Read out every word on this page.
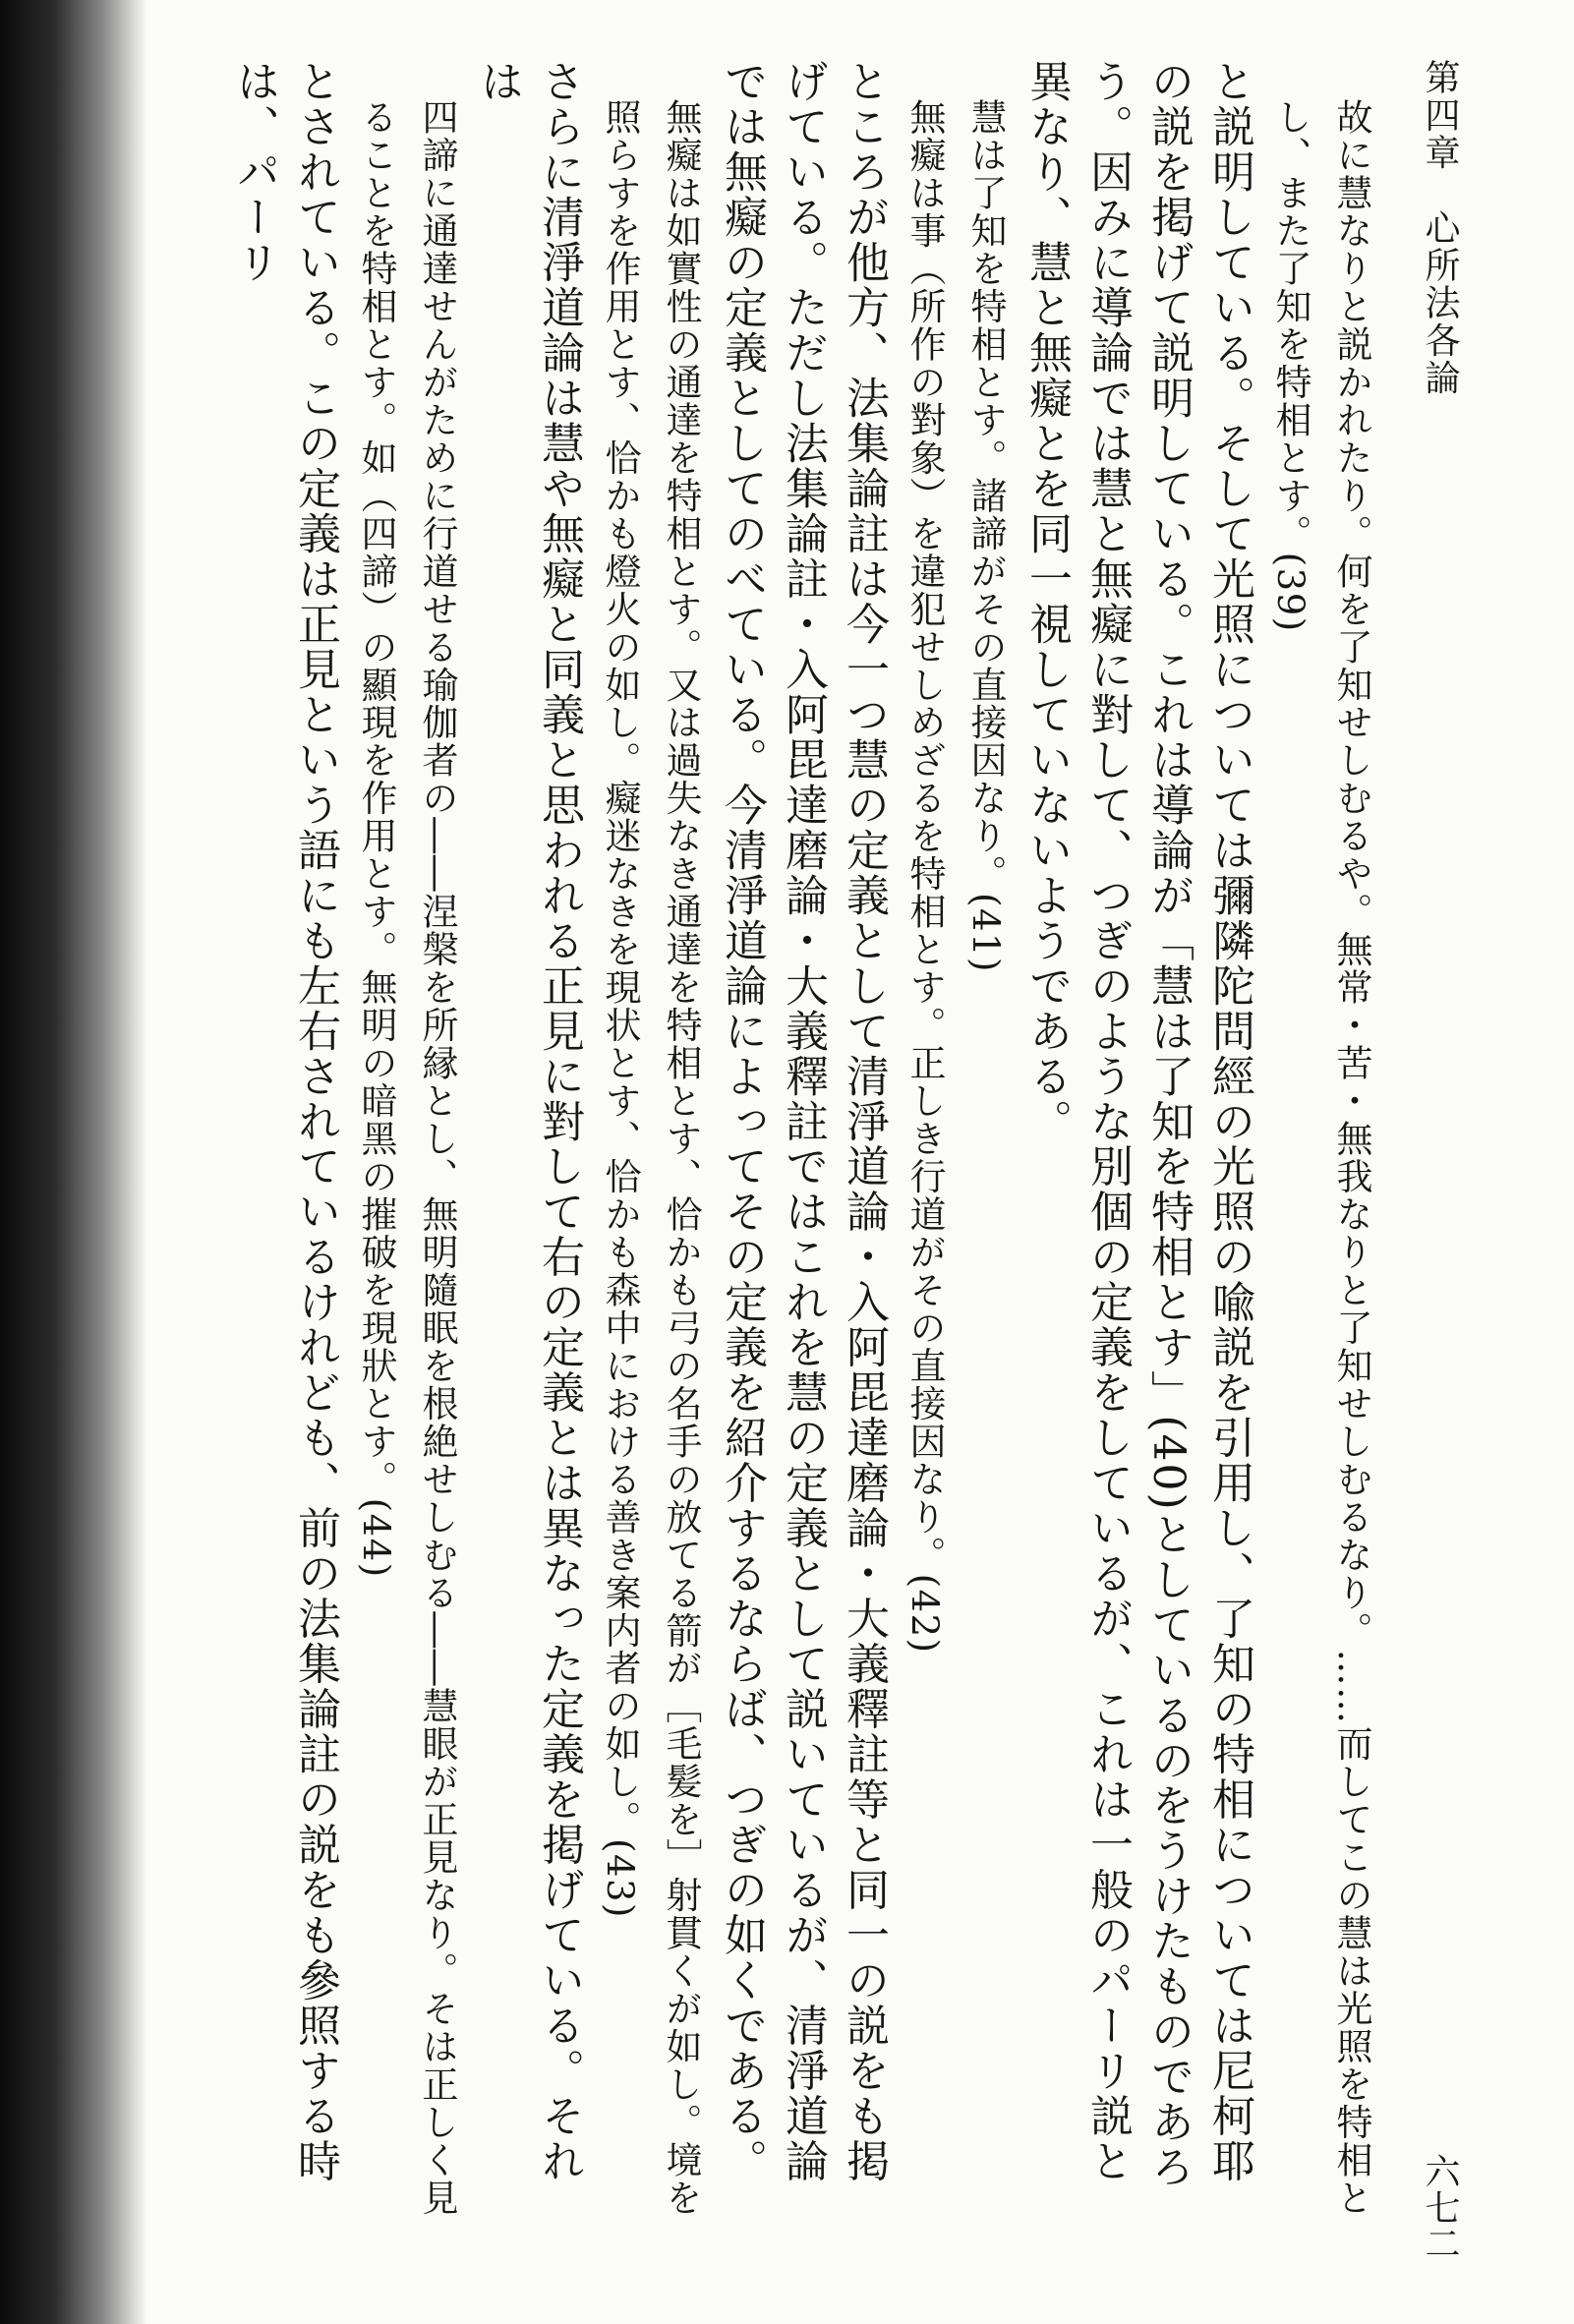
第四章　心所法各論
六七二

故に慧なりと説かれたり。何を了知せしむるや。無常・苦・無我なりと了知せしむるなり。……而してこの慧は光照を特相とし、また了知を特相とす。(39)

と説明している。そして光照については彌隣陀問經の光照の喩説を引用し、了知の特相については尼柯耶の説を掲げて説明している。これは導論が「慧は了知を特相とす」(40)としているのをうけたものであろう。因みに導論では慧と無癡に對して、つぎのような別個の定義をしているが、これは一般のパーリ説と異なり、慧と無癡とを同一視していないようである。

慧は了知を特相とす。諸諦がその直接因なり。(41)

無癡は事（所作の對象）を違犯せしめざるを特相とす。正しき行道がその直接因なり。(42)

ところが他方、法集論註は今一つ慧の定義として清淨道論・入阿毘達磨論・大義釋註等と同一の説をも掲げている。ただし法集論註・入阿毘達磨論・大義釋註ではこれを慧の定義として説いているが、清淨道論では無癡の定義としてのべている。今清淨道論によってその定義を紹介するならば、つぎの如くである。

無癡は如實性の通達を特相とす。又は過失なき通達を特相とす、恰かも弓の名手の放てる箭が［毛髪を］射貫くが如し。境を照らすを作用とす、恰かも燈火の如し。癡迷なきを現状とす、恰かも森中における善き案内者の如し。(43)

さらに清淨道論は慧や無癡と同義と思われる正見に對して右の定義とは異なった定義を掲げている。それは

四諦に通達せんがために行道せる瑜伽者の――涅槃を所縁とし、無明隨眠を根絶せしむる――慧眼が正見なり。そは正しく見ることを特相とす。如（四諦）の顯現を作用とす。無明の暗黑の摧破を現狀とす。(44)

とされている。この定義は正見という語にも左右されているけれども、前の法集論註の説をも參照する時は、パーリ
